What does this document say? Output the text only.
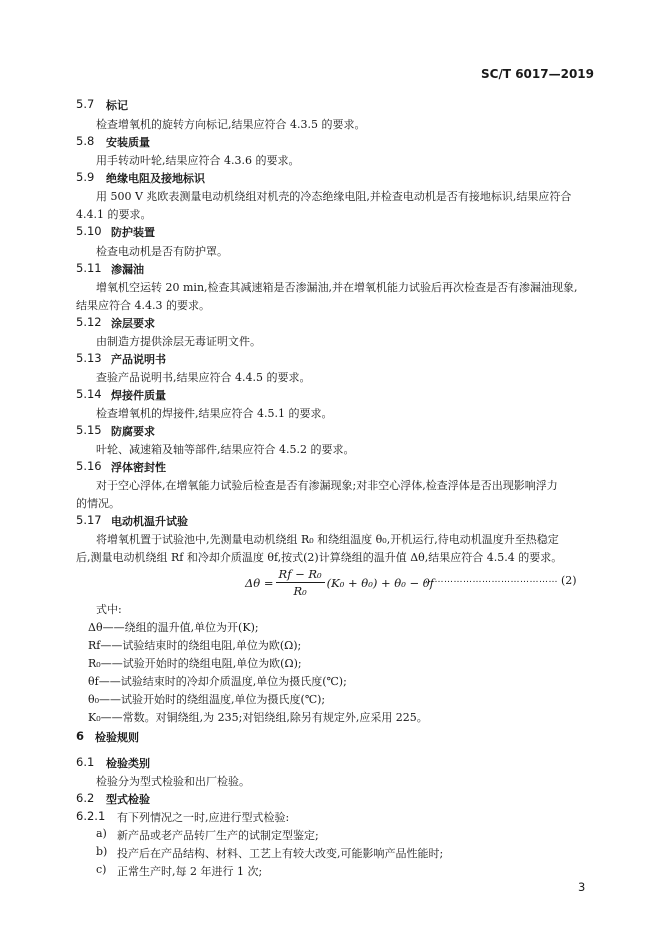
SC/T 6017—2019
5.7 标记
检查增氧机的旋转方向标记,结果应符合 4.3.5 的要求。
5.8 安装质量
用手转动叶轮,结果应符合 4.3.6 的要求。
5.9 绝缘电阻及接地标识
用 500 V 兆欧表测量电动机绕组对机壳的冷态绝缘电阻,并检查电动机是否有接地标识,结果应符合
4.4.1 的要求。
5.10 防护装置
检查电动机是否有防护罩。
5.11 渗漏油
增氧机空运转 20 min,检查其减速箱是否渗漏油,并在增氧机能力试验后再次检查是否有渗漏油现象,
结果应符合 4.4.3 的要求。
5.12 涂层要求
由制造方提供涂层无毒证明文件。
5.13 产品说明书
查验产品说明书,结果应符合 4.4.5 的要求。
5.14 焊接件质量
检查增氧机的焊接件,结果应符合 4.5.1 的要求。
5.15 防腐要求
叶轮、减速箱及轴等部件,结果应符合 4.5.2 的要求。
5.16 浮体密封性
对于空心浮体,在增氧能力试验后检查是否有渗漏现象;对非空心浮体,检查浮体是否出现影响浮力
的情况。
5.17 电动机温升试验
将增氧机置于试验池中,先测量电动机绕组 R₀ 和绕组温度 θ₀,开机运行,待电动机温度升至热稳定
后,测量电动机绕组 Rf 和冷却介质温度 θf,按式(2)计算绕组的温升值 Δθ,结果应符合 4.5.4 的要求。
$\Delta\theta = \frac{\text{Rf − R₀}}{\text{R₀}} (K_0 + \theta_0) + \theta_0 - \theta f$
…………………………………… (2)
式中:
Δθ——绕组的温升值,单位为开(K);
Rf——试验结束时的绕组电阻,单位为欧(Ω);
R₀——试验开始时的绕组电阻,单位为欧(Ω);
θf——试验结束时的冷却介质温度,单位为摄氏度(℃);
θ₀——试验开始时的绕组温度,单位为摄氏度(℃);
K₀——常数。对铜绕组,为 235;对铝绕组,除另有规定外,应采用 225。
6 检验规则
6.1 检验类别
检验分为型式检验和出厂检验。
6.2 型式检验
6.2.1 有下列情况之一时,应进行型式检验:
a) 新产品或老产品转厂生产的试制定型鉴定;
b) 投产后在产品结构、材料、工艺上有较大改变,可能影响产品性能时;
c) 正常生产时,每 2 年进行 1 次;
3
